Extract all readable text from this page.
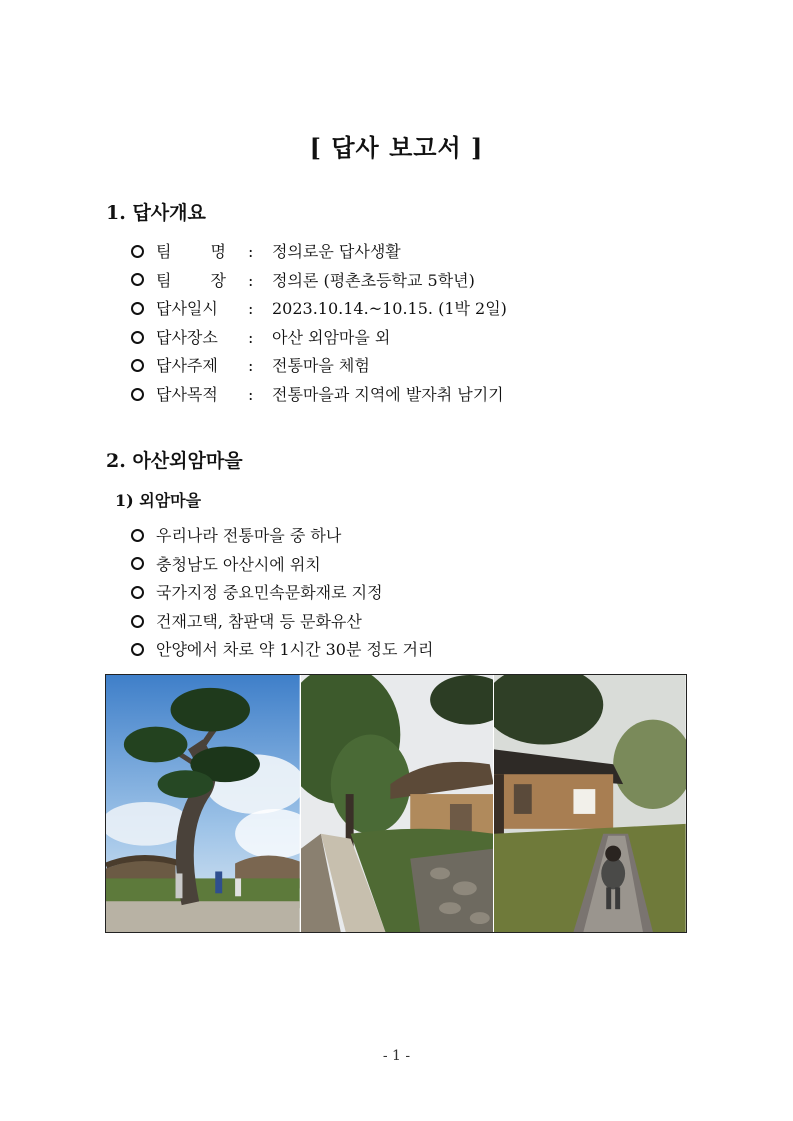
[ 답사 보고서 ]
1. 답사개요
팀 명 :	정의로운 답사생활
팀 장 :	정의론 (평촌초등학교 5학년)
답사일시	:	2023.10.14.~10.15. (1박 2일)
답사장소	:	아산 외암마을 외
답사주제	:	전통마을 체험
답사목적	:	전통마을과 지역에 발자취 남기기
2. 아산외암마을
1) 외암마을
우리나라 전통마을 중 하나
충청남도 아산시에 위치
국가지정 중요민속문화재로 지정
건재고택, 참판댁 등 문화유산
안양에서 차로 약 1시간 30분 정도 거리
- 1 -
